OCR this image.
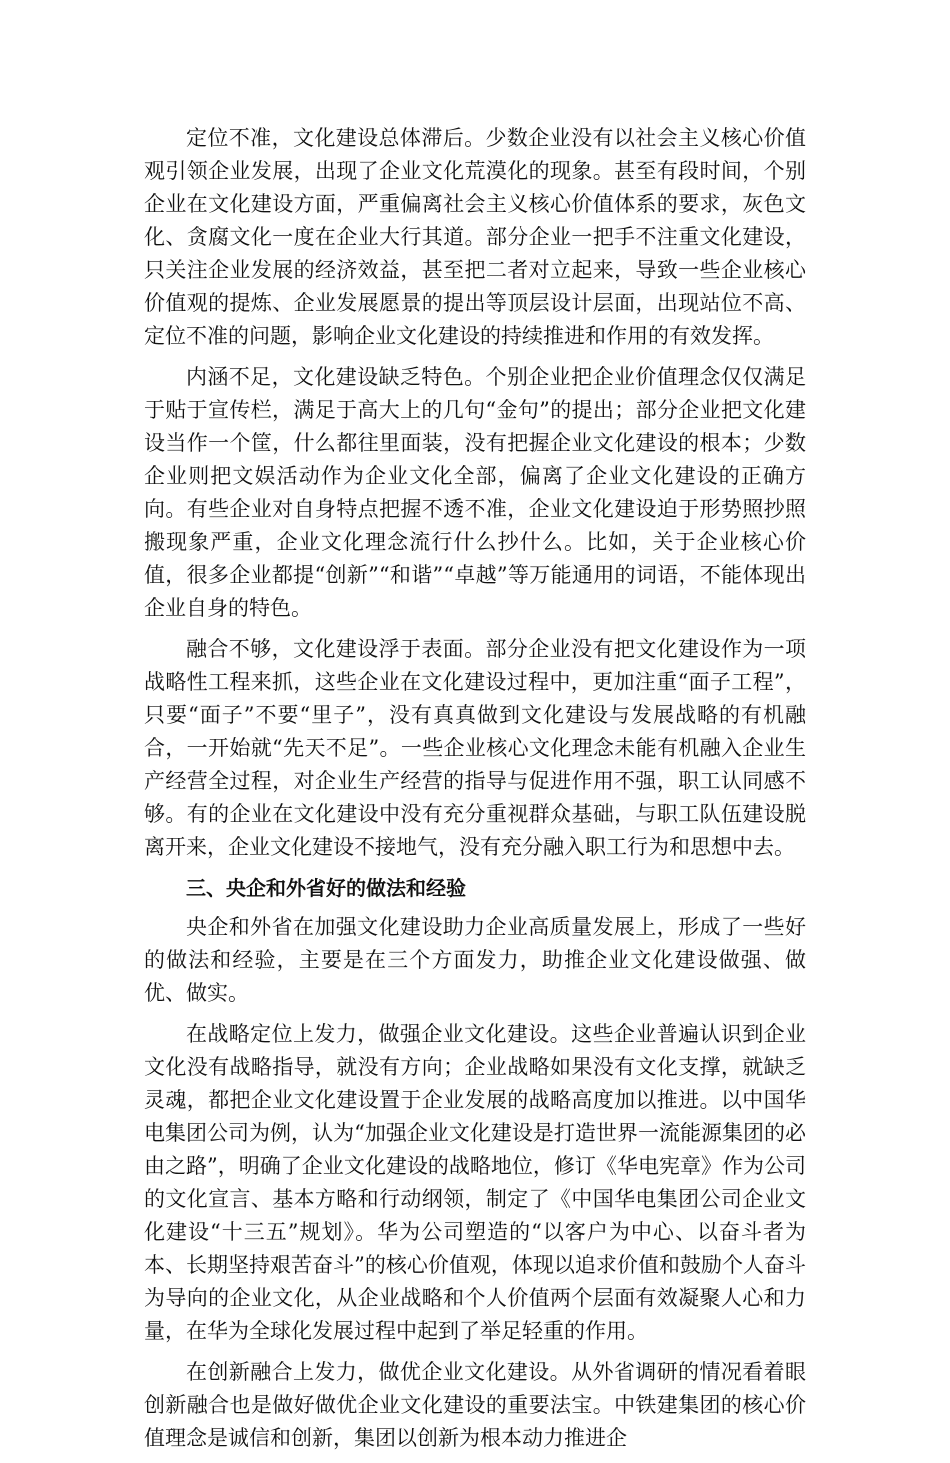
定位不准，文化建设总体滞后。少数企业没有以社会主义核心价值观引领企业发展，出现了企业文化荒漠化的现象。甚至有段时间，个别企业在文化建设方面，严重偏离社会主义核心价值体系的要求，灰色文化、贪腐文化一度在企业大行其道。部分企业一把手不注重文化建设，只关注企业发展的经济效益，甚至把二者对立起来，导致一些企业核心价值观的提炼、企业发展愿景的提出等顶层设计层面，出现站位不高、定位不准的问题，影响企业文化建设的持续推进和作用的有效发挥。

内涵不足，文化建设缺乏特色。个别企业把企业价值理念仅仅满足于贴于宣传栏，满足于高大上的几句“金句”的提出；部分企业把文化建设当作一个筐，什么都往里面装，没有把握企业文化建设的根本；少数企业则把文娱活动作为企业文化全部，偏离了企业文化建设的正确方向。有些企业对自身特点把握不透不准，企业文化建设迫于形势照抄照搬现象严重，企业文化理念流行什么抄什么。比如，关于企业核心价值，很多企业都提“创新”“和谐”“卓越”等万能通用的词语，不能体现出企业自身的特色。

融合不够，文化建设浮于表面。部分企业没有把文化建设作为一项战略性工程来抓，这些企业在文化建设过程中，更加注重“面子工程”，只要“面子”不要“里子”，没有真真做到文化建设与发展战略的有机融合，一开始就“先天不足”。一些企业核心文化理念未能有机融入企业生产经营全过程，对企业生产经营的指导与促进作用不强，职工认同感不够。有的企业在文化建设中没有充分重视群众基础，与职工队伍建设脱离开来，企业文化建设不接地气，没有充分融入职工行为和思想中去。

三、央企和外省好的做法和经验

央企和外省在加强文化建设助力企业高质量发展上，形成了一些好的做法和经验，主要是在三个方面发力，助推企业文化建设做强、做优、做实。

在战略定位上发力，做强企业文化建设。这些企业普遍认识到企业文化没有战略指导，就没有方向；企业战略如果没有文化支撑，就缺乏灵魂，都把企业文化建设置于企业发展的战略高度加以推进。以中国华电集团公司为例，认为“加强企业文化建设是打造世界一流能源集团的必由之路”，明确了企业文化建设的战略地位，修订《华电宪章》作为公司的文化宣言、基本方略和行动纲领，制定了《中国华电集团公司企业文化建设“十三五”规划》。华为公司塑造的“以客户为中心、以奋斗者为本、长期坚持艰苦奋斗”的核心价值观，体现以追求价值和鼓励个人奋斗为导向的企业文化，从企业战略和个人价值两个层面有效凝聚人心和力量，在华为全球化发展过程中起到了举足轻重的作用。

在创新融合上发力，做优企业文化建设。从外省调研的情况看着眼创新融合也是做好做优企业文化建设的重要法宝。中铁建集团的核心价值理念是诚信和创新，集团以创新为根本动力推进企
